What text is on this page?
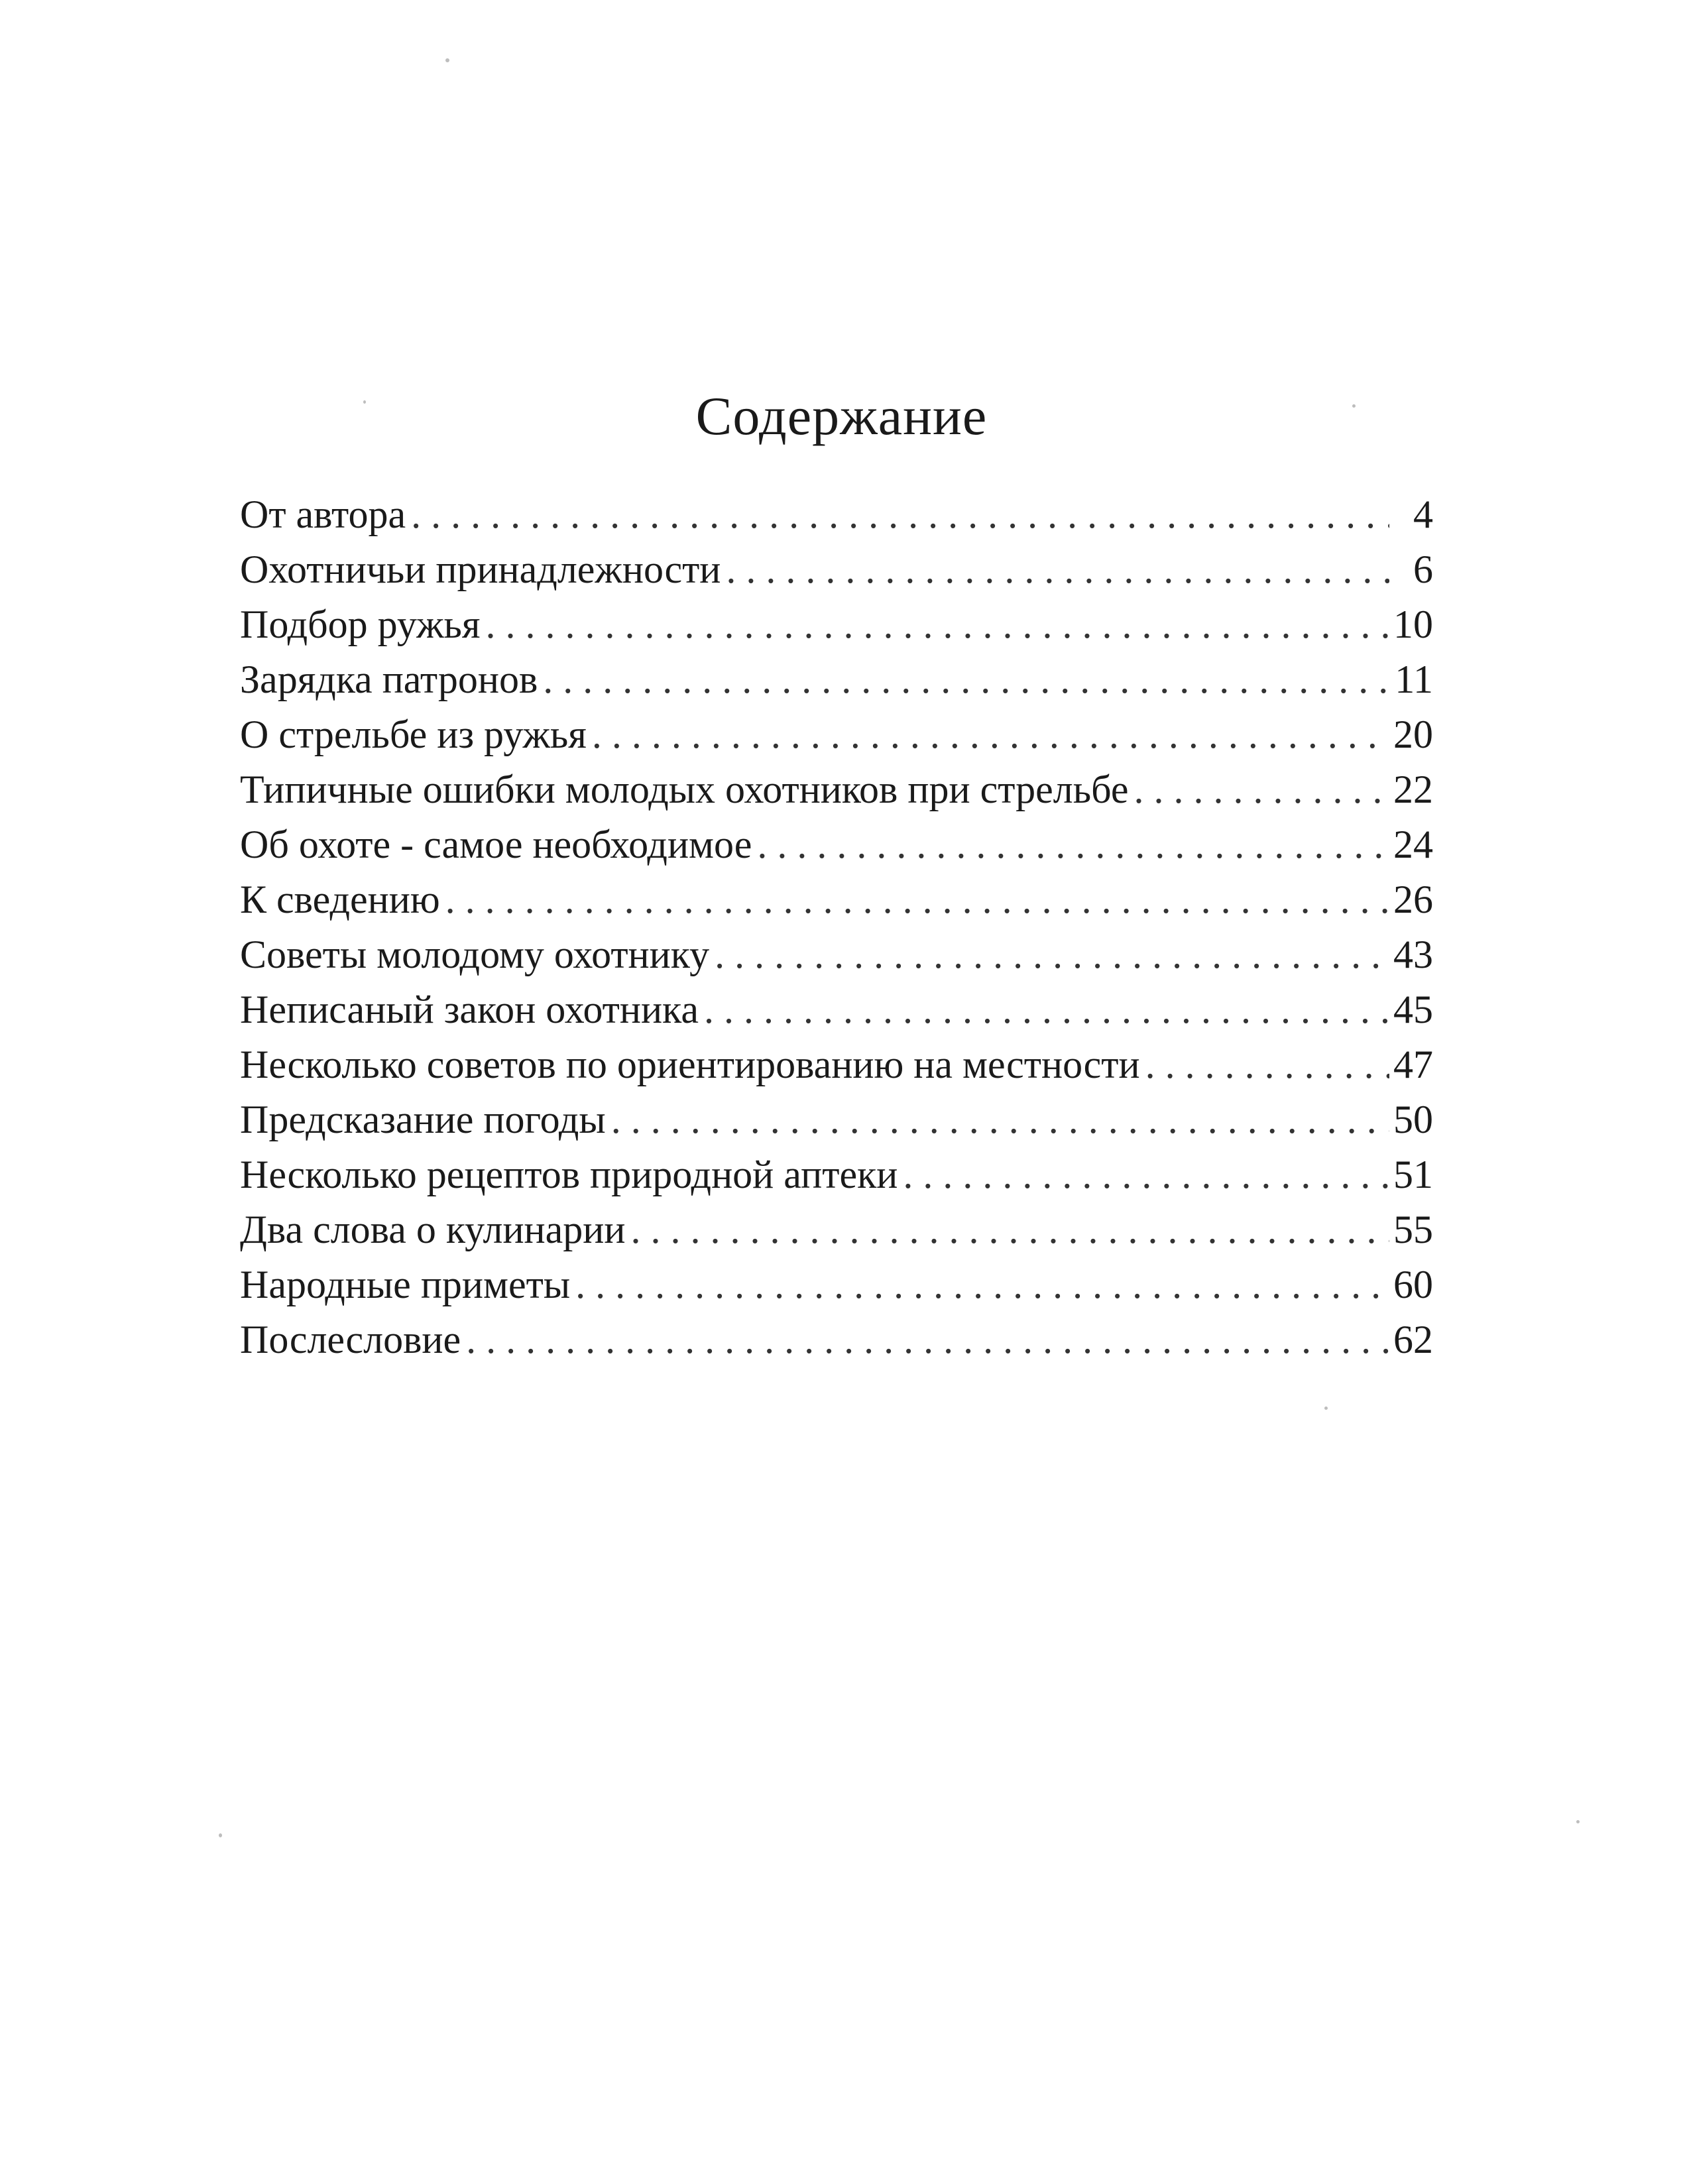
Содержание
От автора . . .	4
Охотничьи принадлежности . . .	6
Подбор ружья . . .	10
Зарядка патронов . . .	11
О стрельбе из ружья . . .	20
Типичные ошибки молодых охотников при стрельбе . . .	22
Об охоте - самое необходимое . . .	24
К сведению . . .	26
Советы молодому охотнику . . .	43
Неписаный закон охотника . . .	45
Несколько советов по ориентированию на местности . . .	47
Предсказание погоды . . .	50
Несколько рецептов природной аптеки . . .	51
Два слова о кулинарии . . .	55
Народные приметы . . .	60
Послесловие . . .	62
